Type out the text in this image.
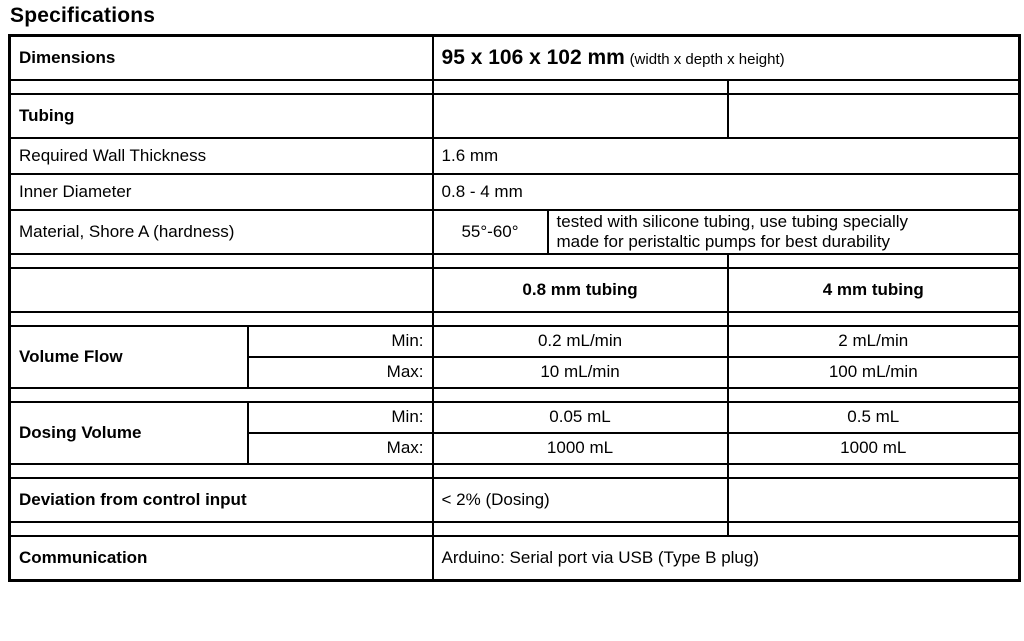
Specifications
Dimensions		95 x 106 x 102 mm (width x depth x height)		

Tubing				
Required Wall Thickness		1.6 mm		
Inner Diameter		0.8 - 4 mm		
Material, Shore A (hardness)		55°-60°	tested with silicone tubing, use tubing specially
made for peristaltic pumps for best durability	

		0.8 mm tubing		4 mm tubing

Volume Flow	Min:	0.2 mL/min		2 mL/min
	Max:	10 mL/min		100 mL/min

Dosing Volume	Min:	0.05 mL		0.5 mL
	Max:	1000 mL		1000 mL

Deviation from control input		< 2% (Dosing)		

Communication		Arduino: Serial port via USB (Type B plug)		
